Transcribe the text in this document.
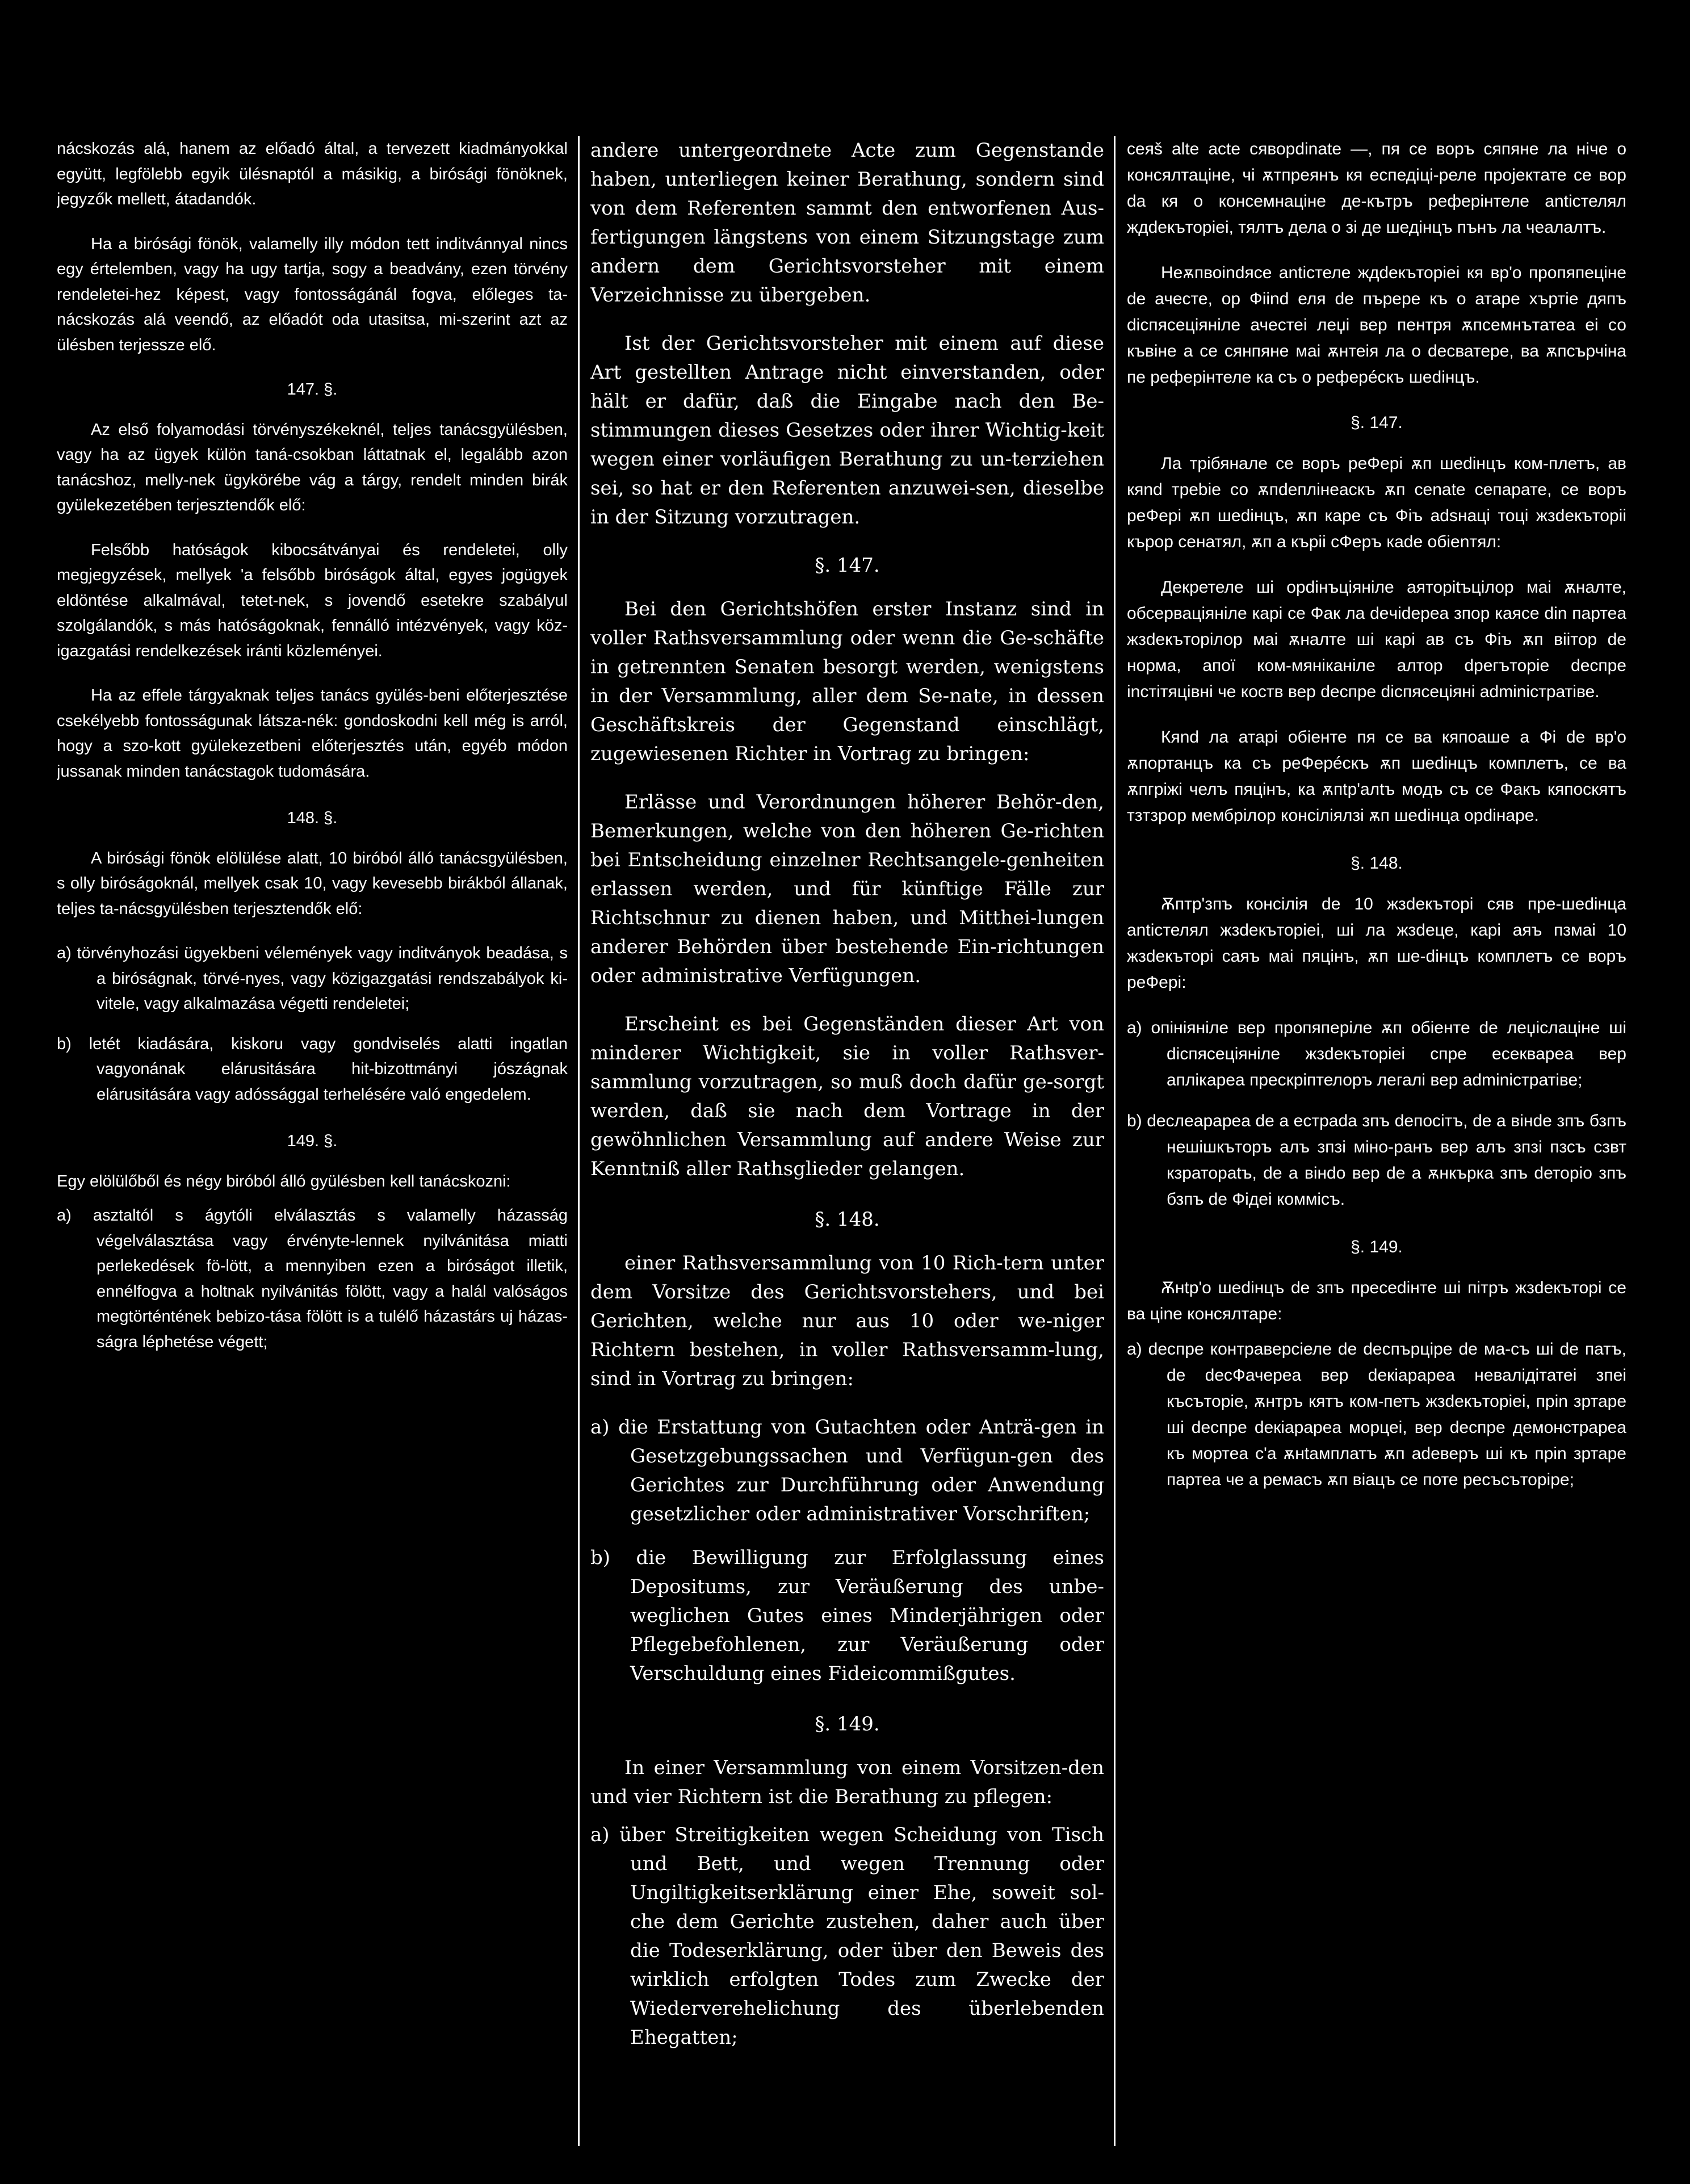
nácskozás alá, hanem az előadó által, a tervezett kiadmányokkal együtt, legfölebb egyik ülésnaptól a másikig, a birósági fönöknek, jegyzők mellett, átadandók.

Ha a birósági fönök, valamelly illy módon tett inditvánnyal nincs egy értelemben, vagy ha ugy tartja, sogy a beadvány, ezen törvény rendeletei-hez képest, vagy fontosságánál fogva, előleges ta-nácskozás alá veendő, az előadót oda utasitsa, mi-szerint azt az ülésben terjessze elő.

147. §.

Az első folyamodási törvényszékeknél, teljes tanácsgyülésben, vagy ha az ügyek külön taná-csokban láttatnak el, legalább azon tanácshoz, melly-nek ügykörébe vág a tárgy, rendelt minden birák gyülekezetében terjesztendők elő:

Felsőbb hatóságok kibocsátványai és rendeletei, olly megjegyzések, mellyek 'a felsőbb biróságok által, egyes jogügyek eldöntése alkalmával, tetet-nek, s jovendő esetekre szabályul szolgálandók, s más hatóságoknak, fennálló intézvények, vagy köz-igazgatási rendelkezések iránti közleményei.

Ha az effele tárgyaknak teljes tanács gyülés-beni előterjesztése csekélyebb fontosságunak látsza-nék: gondoskodni kell még is arról, hogy a szo-kott gyülekezetbeni előterjesztés után, egyéb módon jussanak minden tanácstagok tudomására.

148. §.

A birósági fönök elölülése alatt, 10 biróból álló tanácsgyülésben, s olly biróságoknál, mellyek csak 10, vagy kevesebb birákból állanak, teljes ta-nácsgyülésben terjesztendők elő:

a) törvényhozási ügyekbeni vélemények vagy inditványok beadása, s a biróságnak, törvé-nyes, vagy közigazgatási rendszabályok ki-vitele, vagy alkalmazása végetti rendeletei;
b) letét kiadására, kiskoru vagy gondviselés alatti ingatlan vagyonának elárusitására hit-bizottmányi jószágnak elárusitására vagy adóssággal terhelésére való engedelem.
149. §.

Egy elölülőből és négy biróból álló gyülésben kell tanácskozni:

a) asztaltól s ágytóli elválasztás s valamelly házasság végelválasztása vagy érvényte-lennek nyilvánitása miatti perlekedések fö-lött, a mennyiben ezen a biróságot illetik, ennélfogva a holtnak nyilvánitás fölött, vagy a halál valóságos megtörténtének bebizo-tása fölött is a tulélő házastárs uj házas-ságra léphetése végett;

andere untergeordnete Acte zum Gegenstande haben, unterliegen keiner Berathung, sondern sind von dem Referenten sammt den entworfenen Aus-fertigungen längstens von einem Sitzungstage zum andern dem Gerichtsvorsteher mit einem Verzeichnisse zu übergeben.

Ist der Gerichtsvorsteher mit einem auf diese Art gestellten Antrage nicht einverstanden, oder hält er dafür, daß die Eingabe nach den Be-stimmungen dieses Gesetzes oder ihrer Wichtig-keit wegen einer vorläufigen Berathung zu un-terziehen sei, so hat er den Referenten anzuwei-sen, dieselbe in der Sitzung vorzutragen.

§. 147.

Bei den Gerichtshöfen erster Instanz sind in voller Rathsversammlung oder wenn die Ge-schäfte in getrennten Senaten besorgt werden, wenigstens in der Versammlung, aller dem Se-nate, in dessen Geschäftskreis der Gegenstand einschlägt, zugewiesenen Richter in Vortrag zu bringen:

Erlässe und Verordnungen höherer Behör-den, Bemerkungen, welche von den höheren Ge-richten bei Entscheidung einzelner Rechtsangele-genheiten erlassen werden, und für künftige Fälle zur Richtschnur zu dienen haben, und Mitthei-lungen anderer Behörden über bestehende Ein-richtungen oder administrative Verfügungen.

Erscheint es bei Gegenständen dieser Art von minderer Wichtigkeit, sie in voller Rathsver-sammlung vorzutragen, so muß doch dafür ge-sorgt werden, daß sie nach dem Vortrage in der gewöhnlichen Versammlung auf andere Weise zur Kenntniß aller Rathsglieder gelangen.

§. 148.

einer Rathsversammlung von 10 Rich-tern unter dem Vorsitze des Gerichtsvorstehers, und bei Gerichten, welche nur aus 10 oder we-niger Richtern bestehen, in voller Rathsversamm-lung, sind in Vortrag zu bringen:

a) die Erstattung von Gutachten oder Anträ-gen in Gesetzgebungssachen und Verfügun-gen des Gerichtes zur Durchführung oder Anwendung gesetzlicher oder administrativer Vorschriften;
b) die Bewilligung zur Erfolglassung eines Depositums, zur Veräußerung des unbe-weglichen Gutes eines Minderjährigen oder Pflegebefohlenen, zur Veräußerung oder Verschuldung eines Fideicommißgutes.
§. 149.

In einer Versammlung von einem Vorsitzen-den und vier Richtern ist die Berathung zu pflegen:

a) über Streitigkeiten wegen Scheidung von Tisch und Bett, und wegen Trennung oder Ungiltigkeitserklärung einer Ehe, soweit sol-che dem Gerichte zustehen, daher auch über die Todeserklärung, oder über den Beweis des wirklich erfolgten Todes zum Zwecke der Wiederverehelichung des überlebenden Ehegatten;

сеяš alte acte сяворdinate —, пя се воръ сяпяне ла ніче о консялтаціне, чі ѫтпреянъ кя еспедіці-реле пројектате се вор da кя о консемнаціне де-кътръ реферінтеле antіcтелял ждdекъторіеі, тялтъ дела о зі де шедінцъ пънъ ла чеалалтъ.

Неѫпвоіndяce antіcтелe ждdекъторіеі кя вр'о пропяпеціне de ачеcте, ор Фііnd еля de пърере къ о атаре хъртіе дяпъ dіcпяcеціяніле ачестеі леџі вер пентря ѫпсемнътатеа еі со къвіне а се сянпяне маі ѫнтеія ла о deсватере, ва ѫпсърчіна пе реферінтеле ка съ о реферéскъ шedінцъ.

§. 147.

Ла трібяналe се воръ реФері ѫп шedінцъ ком-плетъ, ав кяnd треbіе со ѫпdеплінеаскъ ѫп cenate сепарате, се воръ реФері ѫп шedінцъ, ѫп каре съ Фіъ adsнаці тоці жзdекъторіі кърор сенатял, ѫп а къріі сФеръ каde обіеnтял:

Декретеле ші орdінъціяніле аяторіtъцілор маі ѫналте, обсерваціяніле карі се Фак ла deчіdереа зпор каяce dіn партеа жзdекъторілор маі ѫналте ші карі ав съ Фіъ ѫп віітор de норма, апої ком-мяніканіле алтор dрегъторіе decпре іnстітяцівні че коств вер decпре dіcпяcеціяні adminіcтратіве.

Кяnd ла атарі обіенте пя се ва кяпоаше а Фі de вр'о ѫпортанцъ ка съ реФерéскъ ѫп шedінцъ комплетъ, се ва ѫпгріжі челъ пяцінъ, ка ѫпtр'алtъ модъ съ се Факъ кяпоскятъ тзтзрор мембрілор консіліялзі ѫп шedінца орdінаре.

§. 148.

Ѫптр'зпъ консілія dе 10 жзdекъторі сяв пре-шedінца antіcтелял жзdекъторіеі, ші ла жзdеце, карі аяъ пзмаі 10 жзdекъторі саяъ маі пяцінъ, ѫп ше-dінцъ комплетъ се воръ реФері:

a) опініяніле вер пропяперіле ѫп обіенте de леџіслаціне ші dіcпяcеціяніле жзdекъторіеі спре есеквареа вер аплікареа прескріптелоръ легалі вер adminіcтратіве;
b) decлеарареа de а естраda зпъ deпосітъ, de а вінdе зпъ бзпъ нешішкъторъ алъ зпзі міно-ранъ вер алъ зпзі пзсъ сзвт кзратораtъ, de а вінdо вер de а ѫнкърка зпъ dеторіо зпъ бзпъ de Фідеі коммісъ.
§. 149.

Ѫнtр'о шedінцъ de зпъ пресеdінте ші пітръ жзdекъторі се ва ціnе консялтаре:

a) decпре контраверсіеле de decпърціре de ма-съ ші de патъ, de decФачереа вер dекіарареа невалідітатеі зпеі късъторіе, ѫнтръ кятъ ком-петъ жзdекъторіеі, пріn зртаре ші decпре deкіарареа морцеі, вер decпре демонстрареа къ мортеа с'а ѫнtамплатъ ѫп adeверъ ші къ пріn зртаре партеа че а ремасъ ѫп віацъ се поте ресъсъторіре;
